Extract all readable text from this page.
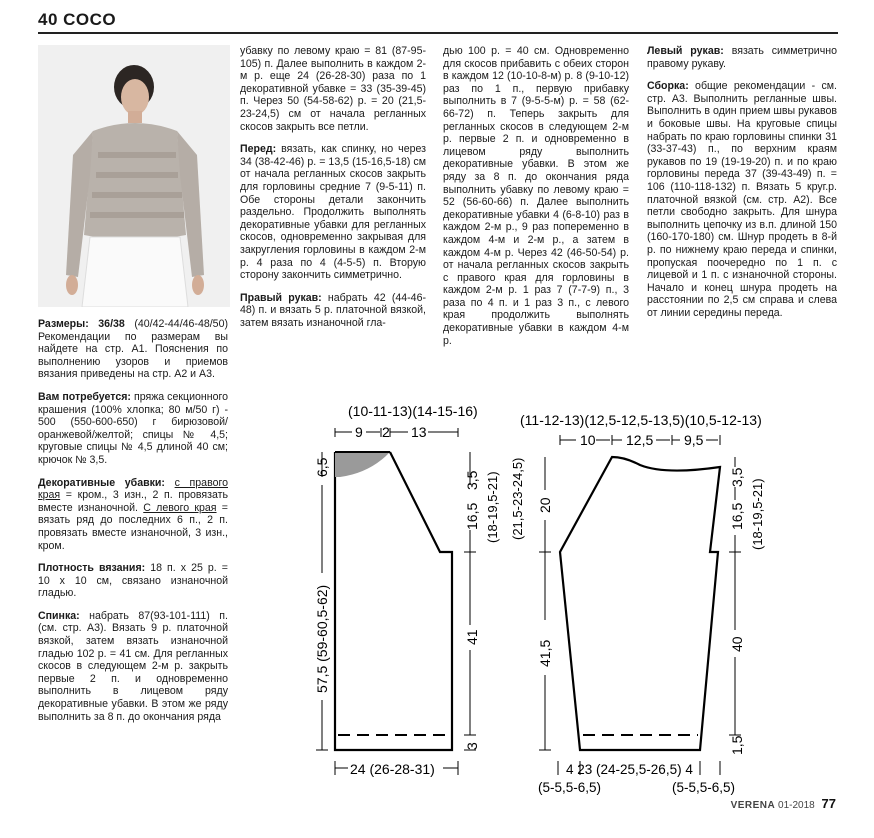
40 COCO

Размеры: 36/38 (40/42-44/46-48/50) Рекомендации по размерам вы найдете на стр. А1. Пояснения по выполнению узоров и приемов вязания приведены на стр. А2 и А3.

Вам потребуется: пряжа секционного крашения (100% хлопка; 80 м/50 г) - 500 (550-600-650) г бирюзовой/оранжевой/желтой; спицы № 4,5; круговые спицы № 4,5 длиной 40 см; крючок № 3,5.

Декоративные убавки: с правого края = кром., 3 изн., 2 п. провязать вместе изнаночной. С левого края = вязать ряд до последних 6 п., 2 п. провязать вместе изнаночной, 3 изн., кром.

Плотность вязания: 18 п. х 25 р. = 10 х 10 см, связано изнаночной гладью.

Спинка: набрать 87(93-101-111) п. (см. стр. А3). Вязать 9 р. платочной вязкой, затем вязать изнаночной гладью 102 р. = 41 см. Для регланных скосов в следующем 2-м р. закрыть первые 2 п. и одновременно выполнить в лицевом ряду декоративные убавки. В этом же ряду выполнить за 8 п. до окончания ряда

убавку по левому краю = 81 (87-95-105) п. Далее выполнить в каждом 2-м р. еще 24 (26-28-30) раза по 1 декоративной убавке = 33 (35-39-45) п. Через 50 (54-58-62) р. = 20 (21,5-23-24,5) см от начала регланных скосов закрыть все петли.

Перед: вязать, как спинку, но через 34 (38-42-46) р. = 13,5 (15-16,5-18) см от начала регланных скосов закрыть для горловины средние 7 (9-5-11) п. Обе стороны детали закончить раздельно. Продолжить выполнять декоративные убавки для регланных скосов, одновременно закрывая для закругления горловины в каждом 2-м р. 4 раза по 4 (4-5-5) п. Вторую сторону закончить симметрично.

Правый рукав: набрать 42 (44-46-48) п. и вязать 5 р. платочной вязкой, затем вязать изнаночной гла-

дью 100 р. = 40 см. Одновременно для скосов прибавить с обеих сторон в каждом 12 (10-10-8-м) р. 8 (9-10-12) раз по 1 п., первую прибавку выполнить в 7 (9-5-5-м) р. = 58 (62-66-72) п. Теперь закрыть для регланных скосов в следующем 2-м р. первые 2 п. и одновременно в лицевом ряду выполнить декоративные убавки. В этом же ряду за 8 п. до окончания ряда выполнить убавку по левому краю = 52 (56-60-66) п. Далее выполнить декоративные убавки 4 (6-8-10) раз в каждом 2-м р., 9 раз попеременно в каждом 4-м и 2-м р., а затем в каждом 4-м р. Через 42 (46-50-54) р. от начала регланных скосов закрыть с правого края для горловины в каждом 2-м р. 1 раз 7 (7-7-9) п., 3 раза по 4 п. и 1 раз 3 п., с левого края продолжить выполнять декоративные убавки в каждом 4-м р.

Левый рукав: вязать симметрично правому рукаву.

Сборка: общие рекомендации - см. стр. А3. Выполнить регланные швы. Выполнить в один прием швы рукавов и боковые швы. На круговые спицы набрать по краю горловины спинки 31 (33-37-43) п., по верхним краям рукавов по 19 (19-19-20) п. и по краю горловины переда 37 (39-43-49) п. = 106 (110-118-132) п. Вязать 5 круг.р. платочной вязкой (см. стр. А2). Все петли свободно закрыть. Для шнура выполнить цепочку из в.п. длиной 150 (160-170-180) см. Шнур продеть в 8-й р. по нижнему краю переда и спинки, пропуская поочередно по 1 п. с лицевой и 1 п. с изнаночной стороны. Начало и конец шнура продеть на расстоянии по 2,5 см справа и слева от линии середины переда.

(10-11-13)(14-15-16)
9 2 13
6,5
57,5 (59-60,5-62)
3,5
16,5 (18-19,5-21)
41
3
24 (26-28-31)
(11-12-13)(12,5-12,5-13,5)(10,5-12-13)
10 12,5 9,5
(21,5-23-24,5) 20
41,5
3,5
16,5 (18-19,5-21)
40
1,5
4 23 (24-25,5-26,5) 4
(5-5,5-6,5)	(5-5,5-6,5)
VERENA 01-2018 77
